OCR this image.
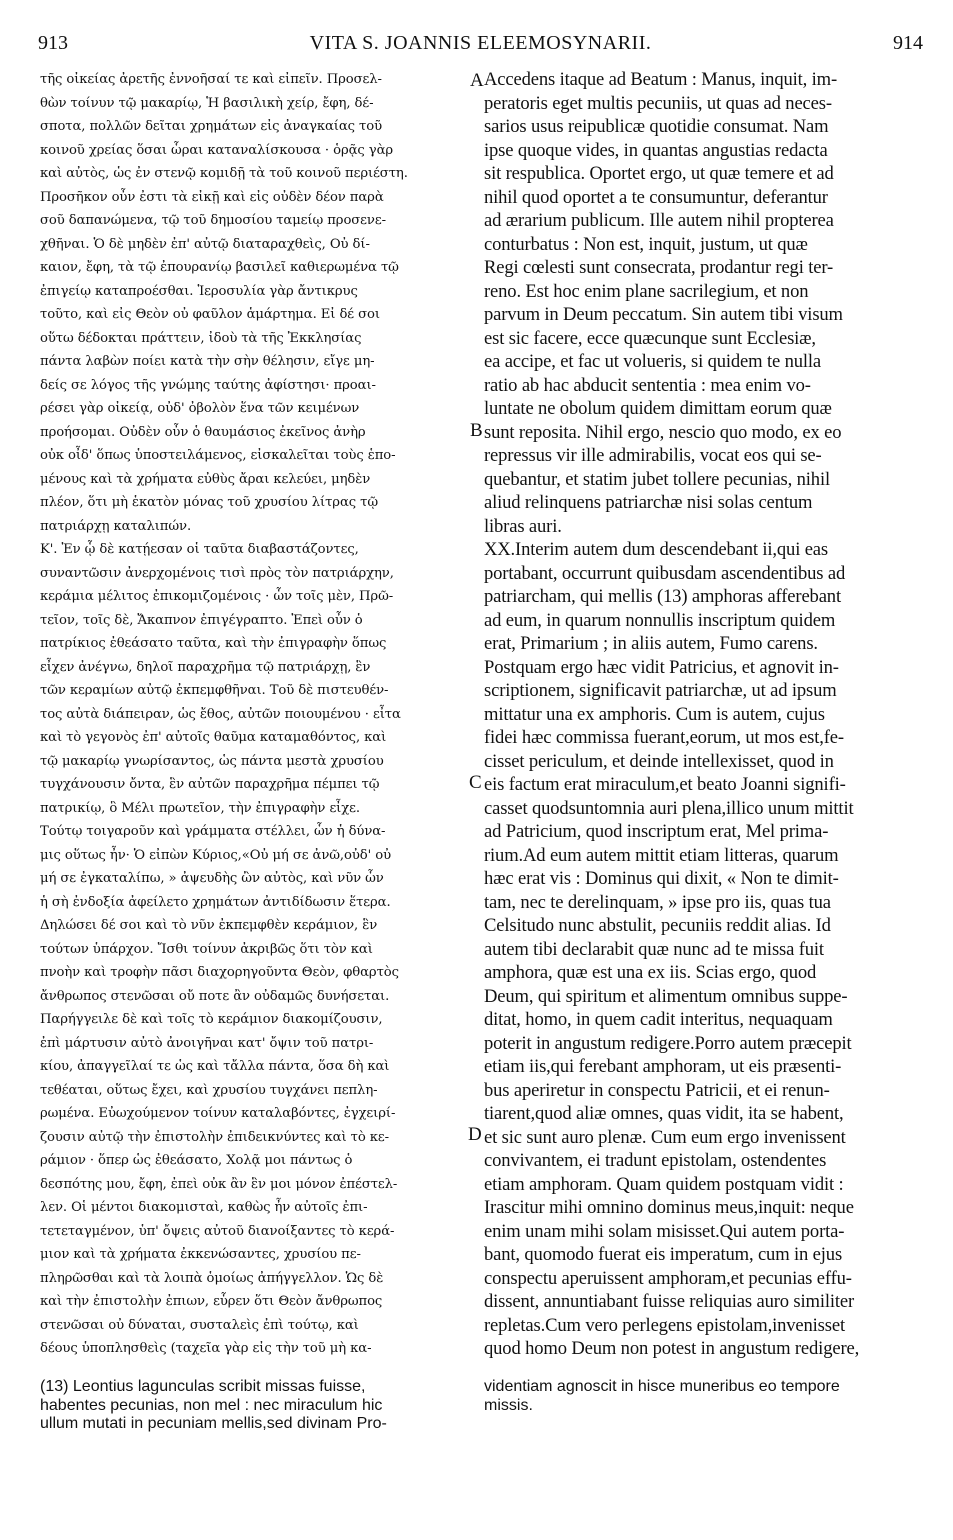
913	VITA S. JOANNIS ELEEMOSYNARII.	914
τῆς οἰκείας ἀρετῆς ἐννοῆσαί τε καὶ εἰπεῖν. Προσελ-
θὼν τοίνυν τῷ μακαρίῳ, Ἡ βασιλικὴ χείρ, ἔφη, δέ-
σποτα, πολλῶν δεῖται χρημάτων εἰς ἀναγκαίας τοῦ
κοινοῦ χρείας ὅσαι ὧραι καταναλίσκουσα · ὁρᾷς γὰρ
καὶ αὐτὸς, ὡς ἐν στενῷ κομιδῇ τὰ τοῦ κοινοῦ περιέστη.
Προσῆκον οὖν ἐστι τὰ εἰκῇ καὶ εἰς οὐδὲν δέον παρὰ
σοῦ δαπανώμενα, τῷ τοῦ δημοσίου ταμείῳ προσενε-
χθῆναι. Ὁ δὲ μηδὲν ἐπ' αὐτῷ διαταραχθεὶς, Οὐ δί-
καιον, ἔφη, τὰ τῷ ἐπουρανίῳ βασιλεῖ καθιερωμένα τῷ
ἐπιγείῳ καταπροέσθαι. Ἱεροσυλία γὰρ ἄντικρυς
τοῦτο, καὶ εἰς Θεὸν οὐ φαῦλον ἁμάρτημα. Εἰ δέ σοι
οὕτω δέδοκται πράττειν, ἰδοὺ τὰ τῆς Ἐκκλησίας
πάντα λαβὼν ποίει κατὰ τὴν σὴν θέλησιν, εἴγε μη-
δείς σε λόγος τῆς γνώμης ταύτης ἀφίστησι· προαι-
ρέσει γὰρ οἰκείᾳ, οὐδ' ὀβολὸν ἕνα τῶν κειμένων
προήσομαι. Οὐδὲν οὖν ὁ θαυμάσιος ἐκεῖνος ἀνὴρ
οὐκ οἶδ' ὅπως ὑποστειλάμενος, εἰσκαλεῖται τοὺς ἑπο-
μένους καὶ τὰ χρήματα εὐθὺς ἄραι κελεύει, μηδὲν
πλέον, ὅτι μὴ ἑκατὸν μόνας τοῦ χρυσίου λίτρας τῷ
πατριάρχῃ καταλιπών.
Κ'. Ἐν ᾧ δὲ κατῄεσαν οἱ ταῦτα διαβαστάζοντες,
συναντῶσιν ἀνερχομένοις τισὶ πρὸς τὸν πατριάρχην,
κεράμια μέλιτος ἐπικομιζομένοις · ὧν τοῖς μὲν, Πρῶ-
τεῖον, τοῖς δὲ, Ἄκαπνον ἐπιγέγραπτο. Ἐπεὶ οὖν ὁ
πατρίκιος ἐθεάσατο ταῦτα, καὶ τὴν ἐπιγραφὴν ὅπως
εἶχεν ἀνέγνω, δηλοῖ παραχρῆμα τῷ πατριάρχῃ, ἓν
τῶν κεραμίων αὐτῷ ἐκπεμφθῆναι. Τοῦ δὲ πιστευθέν-
τος αὐτὰ διάπειραν, ὡς ἔθος, αὐτῶν ποιουμένου · εἶτα
καὶ τὸ γεγονὸς ἐπ' αὐτοῖς θαῦμα καταμαθόντος, καὶ
τῷ μακαρίῳ γνωρίσαντος, ὡς πάντα μεστὰ χρυσίου
τυγχάνουσιν ὄντα, ἓν αὐτῶν παραχρῆμα πέμπει τῷ
πατρικίῳ, ὃ Μέλι πρωτεῖον, τὴν ἐπιγραφὴν εἶχε.
Τούτῳ τοιγαροῦν καὶ γράμματα στέλλει, ὧν ἡ δύνα-
μις οὕτως ἦν· Ὁ εἰπὼν Κύριος,«Οὐ μή σε ἀνῶ,οὐδ' οὐ
μή σε ἐγκαταλίπω, » ἀψευδὴς ὢν αὐτὸς, καὶ νῦν ὧν
ἡ σὴ ἐνδοξία ἀφείλετο χρημάτων ἀντιδίδωσιν ἕτερα.
Δηλώσει δέ σοι καὶ τὸ νῦν ἐκπεμφθὲν κεράμιον, ἓν
τούτων ὑπάρχον. Ἴσθι τοίνυν ἀκριβῶς ὅτι τὸν καὶ
πνοὴν καὶ τροφὴν πᾶσι διαχορηγοῦντα Θεὸν, φθαρτὸς
ἄνθρωπος στενῶσαι οὔ ποτε ἂν οὐδαμῶς δυνήσεται.
Παρήγγειλε δὲ καὶ τοῖς τὸ κεράμιον διακομίζουσιν,
ἐπὶ μάρτυσιν αὐτὸ ἀνοιγῆναι κατ' ὄψιν τοῦ πατρι-
κίου, ἀπαγγεῖλαί τε ὡς καὶ τἄλλα πάντα, ὅσα δὴ καὶ
τεθέαται, οὕτως ἔχει, καὶ χρυσίου τυγχάνει πεπλη-
ρωμένα. Εὐωχούμενον τοίνυν καταλαβόντες, ἐγχειρί-
ζουσιν αὐτῷ τὴν ἐπιστολὴν ἐπιδεικνύντες καὶ τὸ κε-
ράμιον · ὅπερ ὡς ἐθεάσατο, Χολᾷ μοι πάντως ὁ
δεσπότης μου, ἔφη, ἐπεὶ οὐκ ἂν ἓν μοι μόνον ἐπέστελ-
λεν. Οἱ μέντοι διακομισταὶ, καθὼς ἦν αὐτοῖς ἐπι-
τετεταγμένον, ὑπ' ὄψεις αὐτοῦ διανοίξαντες τὸ κερά-
μιον καὶ τὰ χρήματα ἐκκενώσαντες, χρυσίου πε-
πληρῶσθαι καὶ τὰ λοιπὰ ὁμοίως ἀπήγγελλον. Ὡς δὲ
καὶ τὴν ἐπιστολὴν ἐπιων, εὗρεν ὅτι Θεὸν ἄνθρωπος
στενῶσαι οὐ δύναται, συσταλεὶς ἐπὶ τούτῳ, καὶ
δέους ὑποπλησθεὶς (ταχεῖα γὰρ εἰς τὴν τοῦ μὴ κα-
Accedens itaque ad Beatum : Manus, inquit, im-
peratoris eget multis pecuniis, ut quas ad neces-
sarios usus reipublicæ quotidie consumat. Nam
ipse quoque vides, in quantas angustias redacta
sit respublica. Oportet ergo, ut quæ temere et ad
nihil quod oportet a te consumuntur, deferantur
ad ærarium publicum. Ille autem nihil propterea
conturbatus : Non est, inquit, justum, ut quæ
Regi cœlesti sunt consecrata, prodantur regi ter-
reno. Est hoc enim plane sacrilegium, et non
parvum in Deum peccatum. Sin autem tibi visum
est sic facere, ecce quæcunque sunt Ecclesiæ,
ea accipe, et fac ut volueris, si quidem te nulla
ratio ab hac abducit sententia : mea enim vo-
luntate ne obolum quidem dimittam eorum quæ
sunt reposita. Nihil ergo, nescio quo modo, ex eo
repressus vir ille admirabilis, vocat eos qui se-
quebantur, et statim jubet tollere pecunias, nihil
aliud relinquens patriarchæ nisi solas centum
libras auri.
XX.Interim autem dum descendebant ii,qui eas
portabant, occurrunt quibusdam ascendentibus ad
patriarcham, qui mellis (13) amphoras afferebant
ad eum, in quarum nonnullis inscriptum quidem
erat, Primarium ; in aliis autem, Fumo carens.
Postquam ergo hæc vidit Patricius, et agnovit in-
scriptionem, significavit patriarchæ, ut ad ipsum
mittatur una ex amphoris. Cum is autem, cujus
fidei hæc commissa fuerant,eorum, ut mos est,fe-
cisset periculum, et deinde intellexisset, quod in
eis factum erat miraculum,et beato Joanni signifi-
casset quodsuntomnia auri plena,illico unum mittit
ad Patricium, quod inscriptum erat, Mel prima-
rium.Ad eum autem mittit etiam litteras, quarum
hæc erat vis : Dominus qui dixit, « Non te dimit-
tam, nec te derelinquam, » ipse pro iis, quas tua
Celsitudo nunc abstulit, pecuniis reddit alias. Id
autem tibi declarabit quæ nunc ad te missa fuit
amphora, quæ est una ex iis. Scias ergo, quod
Deum, qui spiritum et alimentum omnibus suppe-
ditat, homo, in quem cadit interitus, nequaquam
poterit in angustum redigere.Porro autem præcepit
etiam iis,qui ferebant amphoram, ut eis præsenti-
bus aperiretur in conspectu Patricii, et ei renun-
tiarent,quod aliæ omnes, quas vidit, ita se habent,
et sic sunt auro plenæ. Cum eum ergo invenissent
convivantem, ei tradunt epistolam, ostendentes
etiam amphoram. Quam quidem postquam vidit :
Irascitur mihi omnino dominus meus,inquit: neque
enim unam mihi solam misisset.Qui autem porta-
bant, quomodo fuerat eis imperatum, cum in ejus
conspectu aperuissent amphoram,et pecunias effu-
dissent, annuntiabant fuisse reliquias auro similiter
repletas.Cum vero perlegens epistolam,invenisset
quod homo Deum non potest in angustum redigere,
A
B
C
D
(13) Leontius lagunculas scribit missas fuisse,
habentes pecunias, non mel : nec miraculum hic
ullum mutati in pecuniam mellis,sed divinam Pro-
videntiam agnoscit in hisce muneribus eo tempore
missis.
